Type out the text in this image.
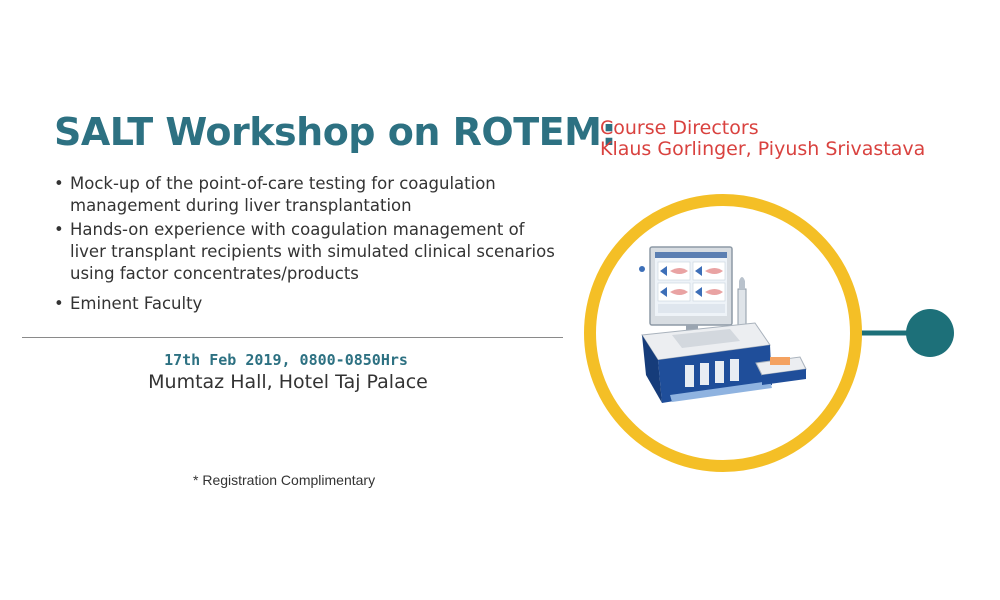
SALT Workshop on ROTEM:
Course Directors
Klaus Gorlinger, Piyush Srivastava
• Mock-up of the point-of-care testing for coagulation
management during liver transplantation
• Hands-on experience with coagulation management of
liver transplant recipients with simulated clinical scenarios
using factor concentrates/products
• Eminent Faculty
17th Feb 2019, 0800-0850Hrs
Mumtaz Hall, Hotel Taj Palace
* Registration Complimentary
